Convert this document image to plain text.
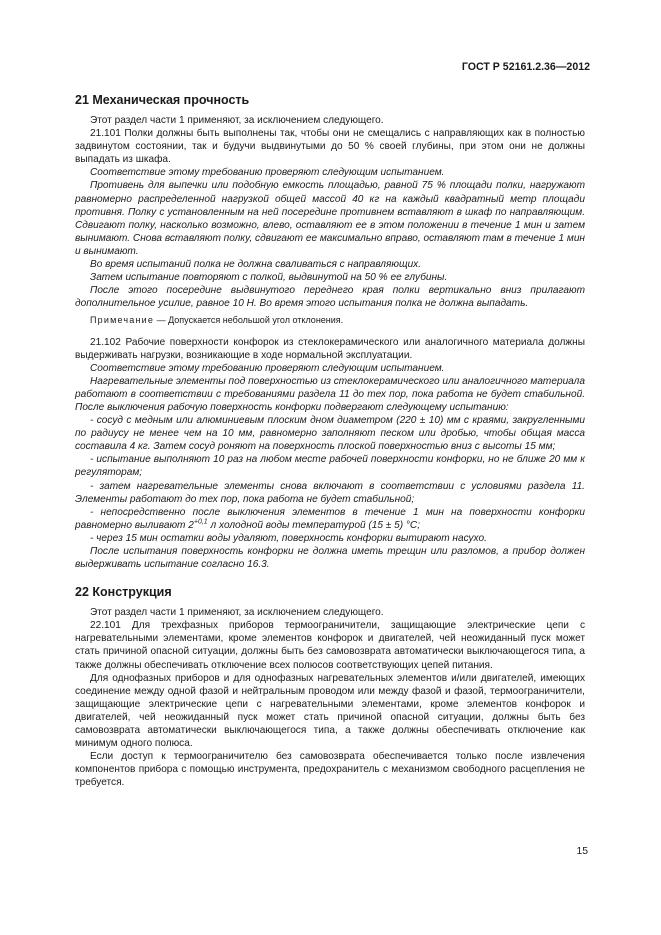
ГОСТ Р 52161.2.36—2012
21 Механическая прочность

Этот раздел части 1 применяют, за исключением следующего.

21.101 Полки должны быть выполнены так, чтобы они не смещались с направляющих как в полностью задвинутом состоянии, так и будучи выдвинутыми до 50 % своей глубины, при этом они не должны выпадать из шкафа.

Соответствие этому требованию проверяют следующим испытанием.

Противень для выпечки или подобную емкость площадью, равной 75 % площади полки, нагружают равномерно распределенной нагрузкой общей массой 40 кг на каждый квадратный метр площади противня. Полку с установленным на ней посередине противнем вставляют в шкаф по направляющим. Сдвигают полку, насколько возможно, влево, оставляют ее в этом положении в течение 1 мин и затем вынимают. Снова вставляют полку, сдвигают ее максимально вправо, оставляют там в течение 1 мин и вынимают.

Во время испытаний полка не должна сваливаться с направляющих.

Затем испытание повторяют с полкой, выдвинутой на 50 % ее глубины.

После этого посередине выдвинутого переднего края полки вертикально вниз прилагают дополнительное усилие, равное 10 Н. Во время этого испытания полка не должна выпадать.

Примечание — Допускается небольшой угол отклонения.

21.102 Рабочие поверхности конфорок из стеклокерамического или аналогичного материала должны выдерживать нагрузки, возникающие в ходе нормальной эксплуатации.

Соответствие этому требованию проверяют следующим испытанием.

Нагревательные элементы под поверхностью из стеклокерамического или аналогичного материала работают в соответствии с требованиями раздела 11 до тех пор, пока работа не будет стабильной. После выключения рабочую поверхность конфорки подвергают следующему испытанию:

- сосуд с медным или алюминиевым плоским дном диаметром (220 ± 10) мм с краями, закругленными по радиусу не менее чем на 10 мм, равномерно заполняют песком или дробью, чтобы общая масса составила 4 кг. Затем сосуд роняют на поверхность плоской поверхностью вниз с высоты 15 мм;

- испытание выполняют 10 раз на любом месте рабочей поверхности конфорки, но не ближе 20 мм к регуляторам;

- затем нагревательные элементы снова включают в соответствии с условиями раздела 11. Элементы работают до тех пор, пока работа не будет стабильной;

- непосредственно после выключения элементов в течение 1 мин на поверхности конфорки равномерно выливают $2^{+0,1}$ л холодной воды температурой (15 ± 5) °С;

- через 15 мин остатки воды удаляют, поверхность конфорки вытирают насухо.

После испытания поверхность конфорки не должна иметь трещин или разломов, а прибор должен выдерживать испытание согласно 16.3.

22 Конструкция

Этот раздел части 1 применяют, за исключением следующего.

22.101 Для трехфазных приборов термоограничители, защищающие электрические цепи с нагревательными элементами, кроме элементов конфорок и двигателей, чей неожиданный пуск может стать причиной опасной ситуации, должны быть без самовозврата автоматически выключающегося типа, а также должны обеспечивать отключение всех полюсов соответствующих цепей питания.

Для однофазных приборов и для однофазных нагревательных элементов и/или двигателей, имеющих соединение между одной фазой и нейтральным проводом или между фазой и фазой, термоограничители, защищающие электрические цепи с нагревательными элементами, кроме элементов конфорок и двигателей, чей неожиданный пуск может стать причиной опасной ситуации, должны быть без самовозврата автоматически выключающегося типа, а также должны обеспечивать отключение как минимум одного полюса.

Если доступ к термоограничителю без самовозврата обеспечивается только после извлечения компонентов прибора с помощью инструмента, предохранитель с механизмом свободного расцепления не требуется.

15
